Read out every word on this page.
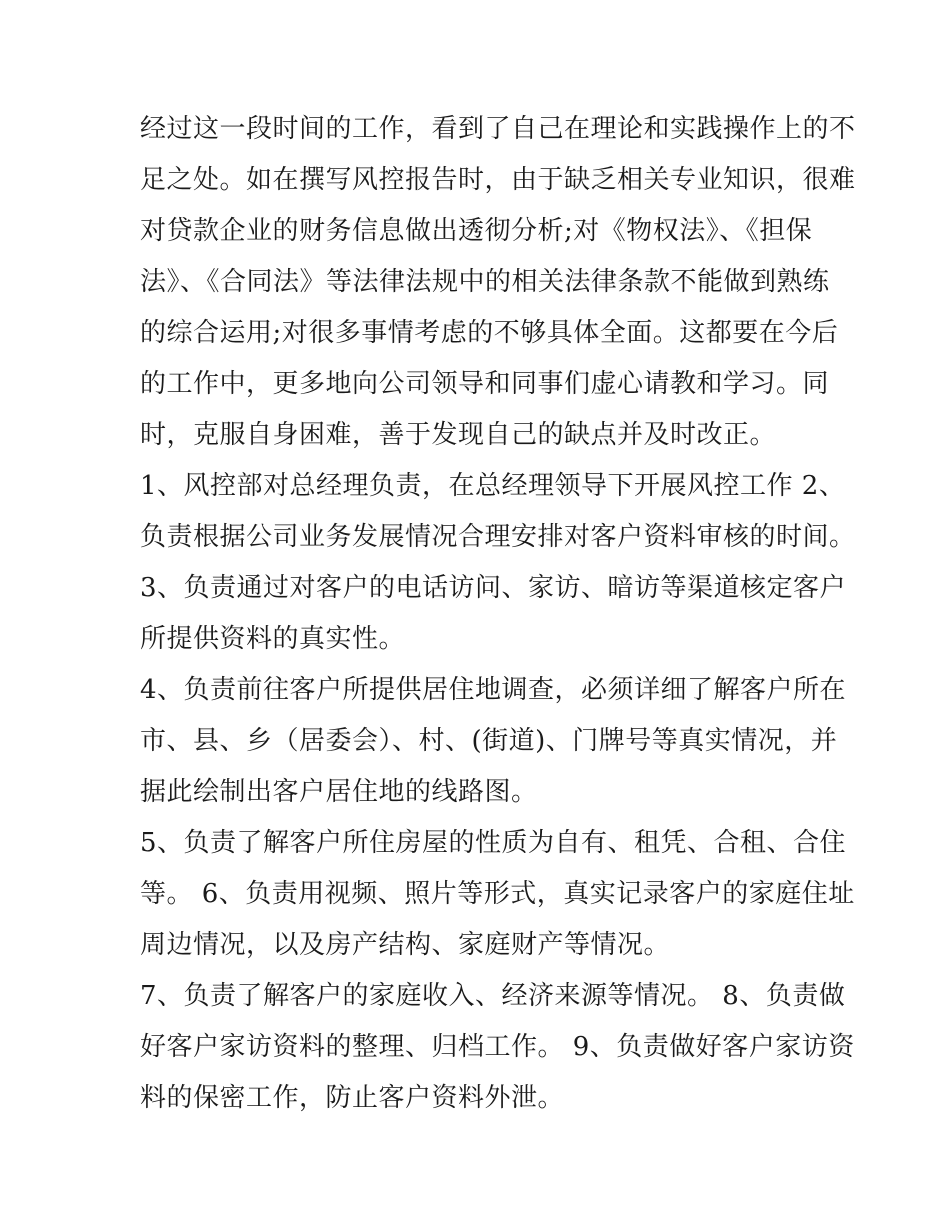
经过这一段时间的工作，看到了自己在理论和实践操作上的不
足之处。如在撰写风控报告时，由于缺乏相关专业知识，很难
对贷款企业的财务信息做出透彻分析;对《物权法》、《担保
法》、《合同法》等法律法规中的相关法律条款不能做到熟练
的综合运用;对很多事情考虑的不够具体全面。这都要在今后
的工作中，更多地向公司领导和同事们虚心请教和学习。同
时，克服自身困难，善于发现自己的缺点并及时改正。
1、风控部对总经理负责，在总经理领导下开展风控工作 2、
负责根据公司业务发展情况合理安排对客户资料审核的时间。
3、负责通过对客户的电话访问、家访、暗访等渠道核定客户
所提供资料的真实性。
4、负责前往客户所提供居住地调查，必须详细了解客户所在
市、县、乡（居委会）、村、(街道)、门牌号等真实情况，并
据此绘制出客户居住地的线路图。
5、负责了解客户所住房屋的性质为自有、租凭、合租、合住
等。 6、负责用视频、照片等形式，真实记录客户的家庭住址
周边情况，以及房产结构、家庭财产等情况。
7、负责了解客户的家庭收入、经济来源等情况。 8、负责做
好客户家访资料的整理、归档工作。 9、负责做好客户家访资
料的保密工作，防止客户资料外泄。
